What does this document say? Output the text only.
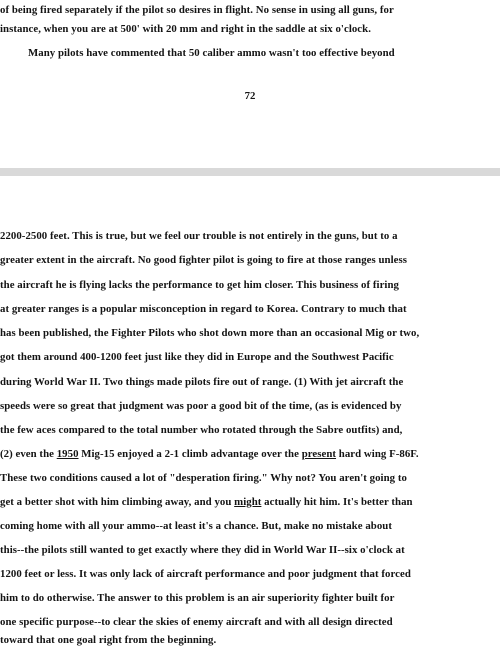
of being fired separately if the pilot so desires in flight. No sense in using all guns, for
instance, when you are at 500' with 20 mm and right in the saddle at six o'clock.
Many pilots have commented that 50 caliber ammo wasn't too effective beyond
72
2200-2500 feet. This is true, but we feel our trouble is not entirely in the guns, but to a
greater extent in the aircraft. No good fighter pilot is going to fire at those ranges unless
the aircraft he is flying lacks the performance to get him closer. This business of firing
at greater ranges is a popular misconception in regard to Korea. Contrary to much that
has been published, the Fighter Pilots who shot down more than an occasional Mig or two,
got them around 400-1200 feet just like they did in Europe and the Southwest Pacific
during World War II. Two things made pilots fire out of range. (1) With jet aircraft the
speeds were so great that judgment was poor a good bit of the time, (as is evidenced by
the few aces compared to the total number who rotated through the Sabre outfits) and,
(2) even the 1950 Mig-15 enjoyed a 2-1 climb advantage over the present hard wing F-86F.
These two conditions caused a lot of "desperation firing." Why not? You aren't going to
get a better shot with him climbing away, and you might actually hit him. It's better than
coming home with all your ammo--at least it's a chance. But, make no mistake about
this--the pilots still wanted to get exactly where they did in World War II--six o'clock at
1200 feet or less. It was only lack of aircraft performance and poor judgment that forced
him to do otherwise. The answer to this problem is an air superiority fighter built for
one specific purpose--to clear the skies of enemy aircraft and with all design directed
toward that one goal right from the beginning.
